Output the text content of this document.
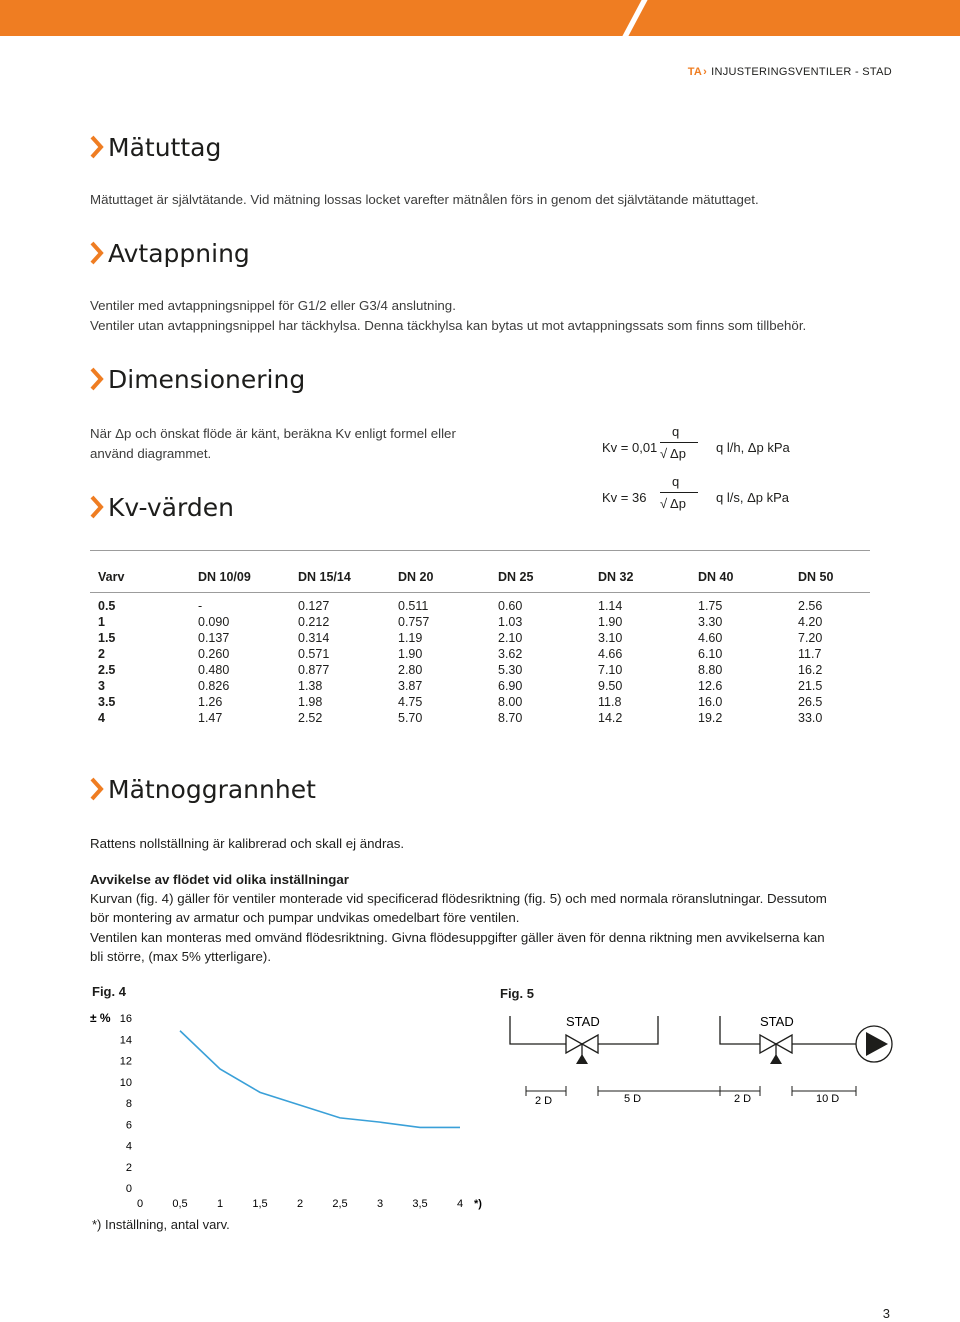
TA› INJUSTERINGSVENTILER - STAD
Mätuttag
Mätuttaget är självtätande. Vid mätning lossas locket varefter mätnålen förs in genom det självtätande mätuttaget.
Avtappning
Ventiler med avtappningsnippel för G1/2 eller G3/4 anslutning.
Ventiler utan avtappningsnippel har täckhylsa. Denna täckhylsa kan bytas ut mot avtappningssats som finns som tillbehör.
Dimensionering
När Δp och önskat flöde är känt, beräkna Kv enligt formel eller
använd diagrammet.	Kv = 0,01
q
√ Δp q l/h, Δp kPa
Kv = 36
q
√ Δp q l/s, Δp kPa
Kv-värden
Varv	DN 10/09	DN 15/14	DN 20	DN 25	DN 32	DN 40	DN 50
0.5	-	0.127	0.511	0.60	1.14	1.75	2.56
1	0.090	0.212	0.757	1.03	1.90	3.30	4.20
1.5	0.137	0.314	1.19	2.10	3.10	4.60	7.20
2	0.260	0.571	1.90	3.62	4.66	6.10	11.7
2.5	0.480	0.877	2.80	5.30	7.10	8.80	16.2
3	0.826	1.38	3.87	6.90	9.50	12.6	21.5
3.5	1.26	1.98	4.75	8.00	11.8	16.0	26.5
4	1.47	2.52	5.70	8.70	14.2	19.2	33.0
Mätnoggrannhet
Rattens nollställning är kalibrerad och skall ej ändras.
Avvikelse av flödet vid olika inställningar
Kurvan (fig. 4) gäller för ventiler monterade vid specificerad flödesriktning (fig. 5) och med normala röranslutningar. Dessutom
bör montering av armatur och pumpar undvikas omedelbart före ventilen.
Ventilen kan monteras med omvänd flödesriktning. Givna flödesuppgifter gäller även för denna riktning men avvikelserna kan
bli större, (max 5% ytterligare).
Fig. 4	Fig. 5
± %
0
2
4
6
8
10
12
14
16
0	0,5	1	1,5	2	2,5	3	3,5	4 *)
*) Inställning, antal varv.
STAD	STAD
2 D	5 D	2 D	10 D
3
